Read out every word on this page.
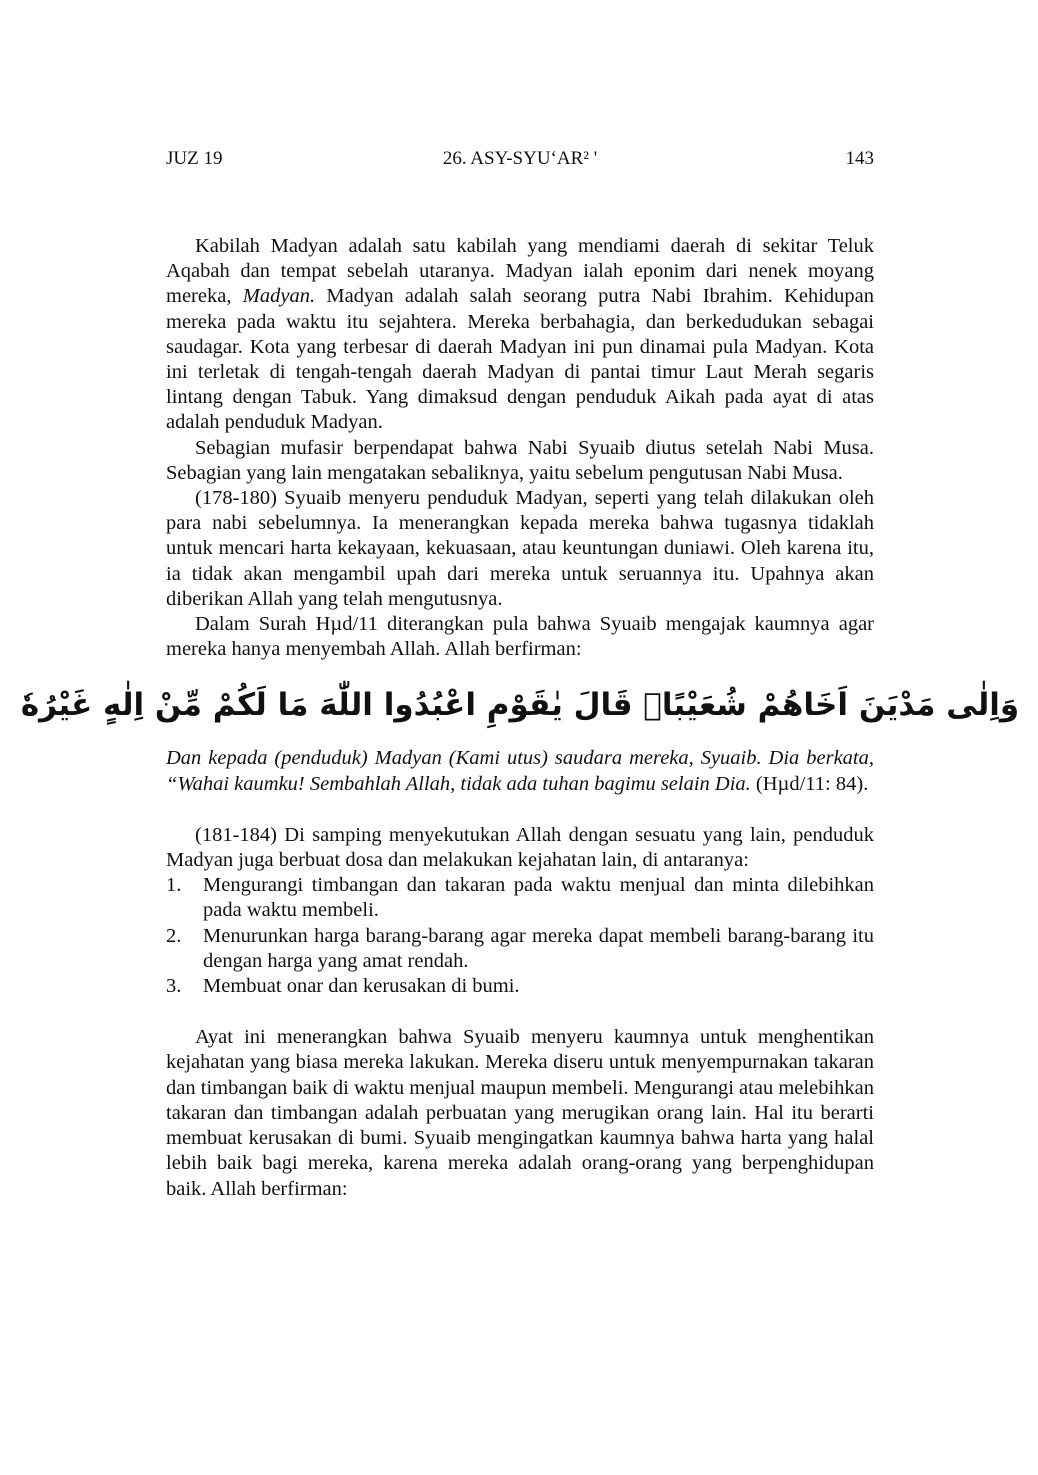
JUZ 19	26. ASY-SYU‘AR² '	143

Kabilah Madyan adalah satu kabilah yang mendiami daerah di sekitar Teluk Aqabah dan tempat sebelah utaranya. Madyan ialah eponim dari nenek moyang mereka, Madyan. Madyan adalah salah seorang putra Nabi Ibrahim. Kehidupan mereka pada waktu itu sejahtera. Mereka berbahagia, dan berkedudukan sebagai saudagar. Kota yang terbesar di daerah Madyan ini pun dinamai pula Madyan. Kota ini terletak di tengah-tengah daerah Madyan di pantai timur Laut Merah segaris lintang dengan Tabuk. Yang dimaksud dengan penduduk Aikah pada ayat di atas adalah penduduk Madyan.

Sebagian mufasir berpendapat bahwa Nabi Syuaib diutus setelah Nabi Musa. Sebagian yang lain mengatakan sebaliknya, yaitu sebelum pengutusan Nabi Musa.

(178-180) Syuaib menyeru penduduk Madyan, seperti yang telah dilakukan oleh para nabi sebelumnya. Ia menerangkan kepada mereka bahwa tugasnya tidaklah untuk mencari harta kekayaan, kekuasaan, atau keuntungan duniawi. Oleh karena itu, ia tidak akan mengambil upah dari mereka untuk seruannya itu. Upahnya akan diberikan Allah yang telah mengutusnya.

Dalam Surah Hµd/11 diterangkan pula bahwa Syuaib mengajak kaumnya agar mereka hanya menyembah Allah. Allah berfirman:

وَاِلٰى مَدْيَنَ اَخَاهُمْ شُعَيْبًاۗ قَالَ يٰقَوْمِ اعْبُدُوا اللّٰهَ مَا لَكُمْ مِّنْ اِلٰهٍ غَيْرُهٗ

Dan kepada (penduduk) Madyan (Kami utus) saudara mereka, Syuaib. Dia berkata, “Wahai kaumku! Sembahlah Allah, tidak ada tuhan bagimu selain Dia. (Hµd/11: 84).

(181-184) Di samping menyekutukan Allah dengan sesuatu yang lain, penduduk Madyan juga berbuat dosa dan melakukan kejahatan lain, di antaranya:

1. Mengurangi timbangan dan takaran pada waktu menjual dan minta dilebihkan pada waktu membeli.
2. Menurunkan harga barang-barang agar mereka dapat membeli barang-barang itu dengan harga yang amat rendah.
3. Membuat onar dan kerusakan di bumi.

Ayat ini menerangkan bahwa Syuaib menyeru kaumnya untuk menghentikan kejahatan yang biasa mereka lakukan. Mereka diseru untuk menyempurnakan takaran dan timbangan baik di waktu menjual maupun membeli. Mengurangi atau melebihkan takaran dan timbangan adalah perbuatan yang merugikan orang lain. Hal itu berarti membuat kerusakan di bumi. Syuaib mengingatkan kaumnya bahwa harta yang halal lebih baik bagi mereka, karena mereka adalah orang-orang yang berpenghidupan baik. Allah berfirman:
